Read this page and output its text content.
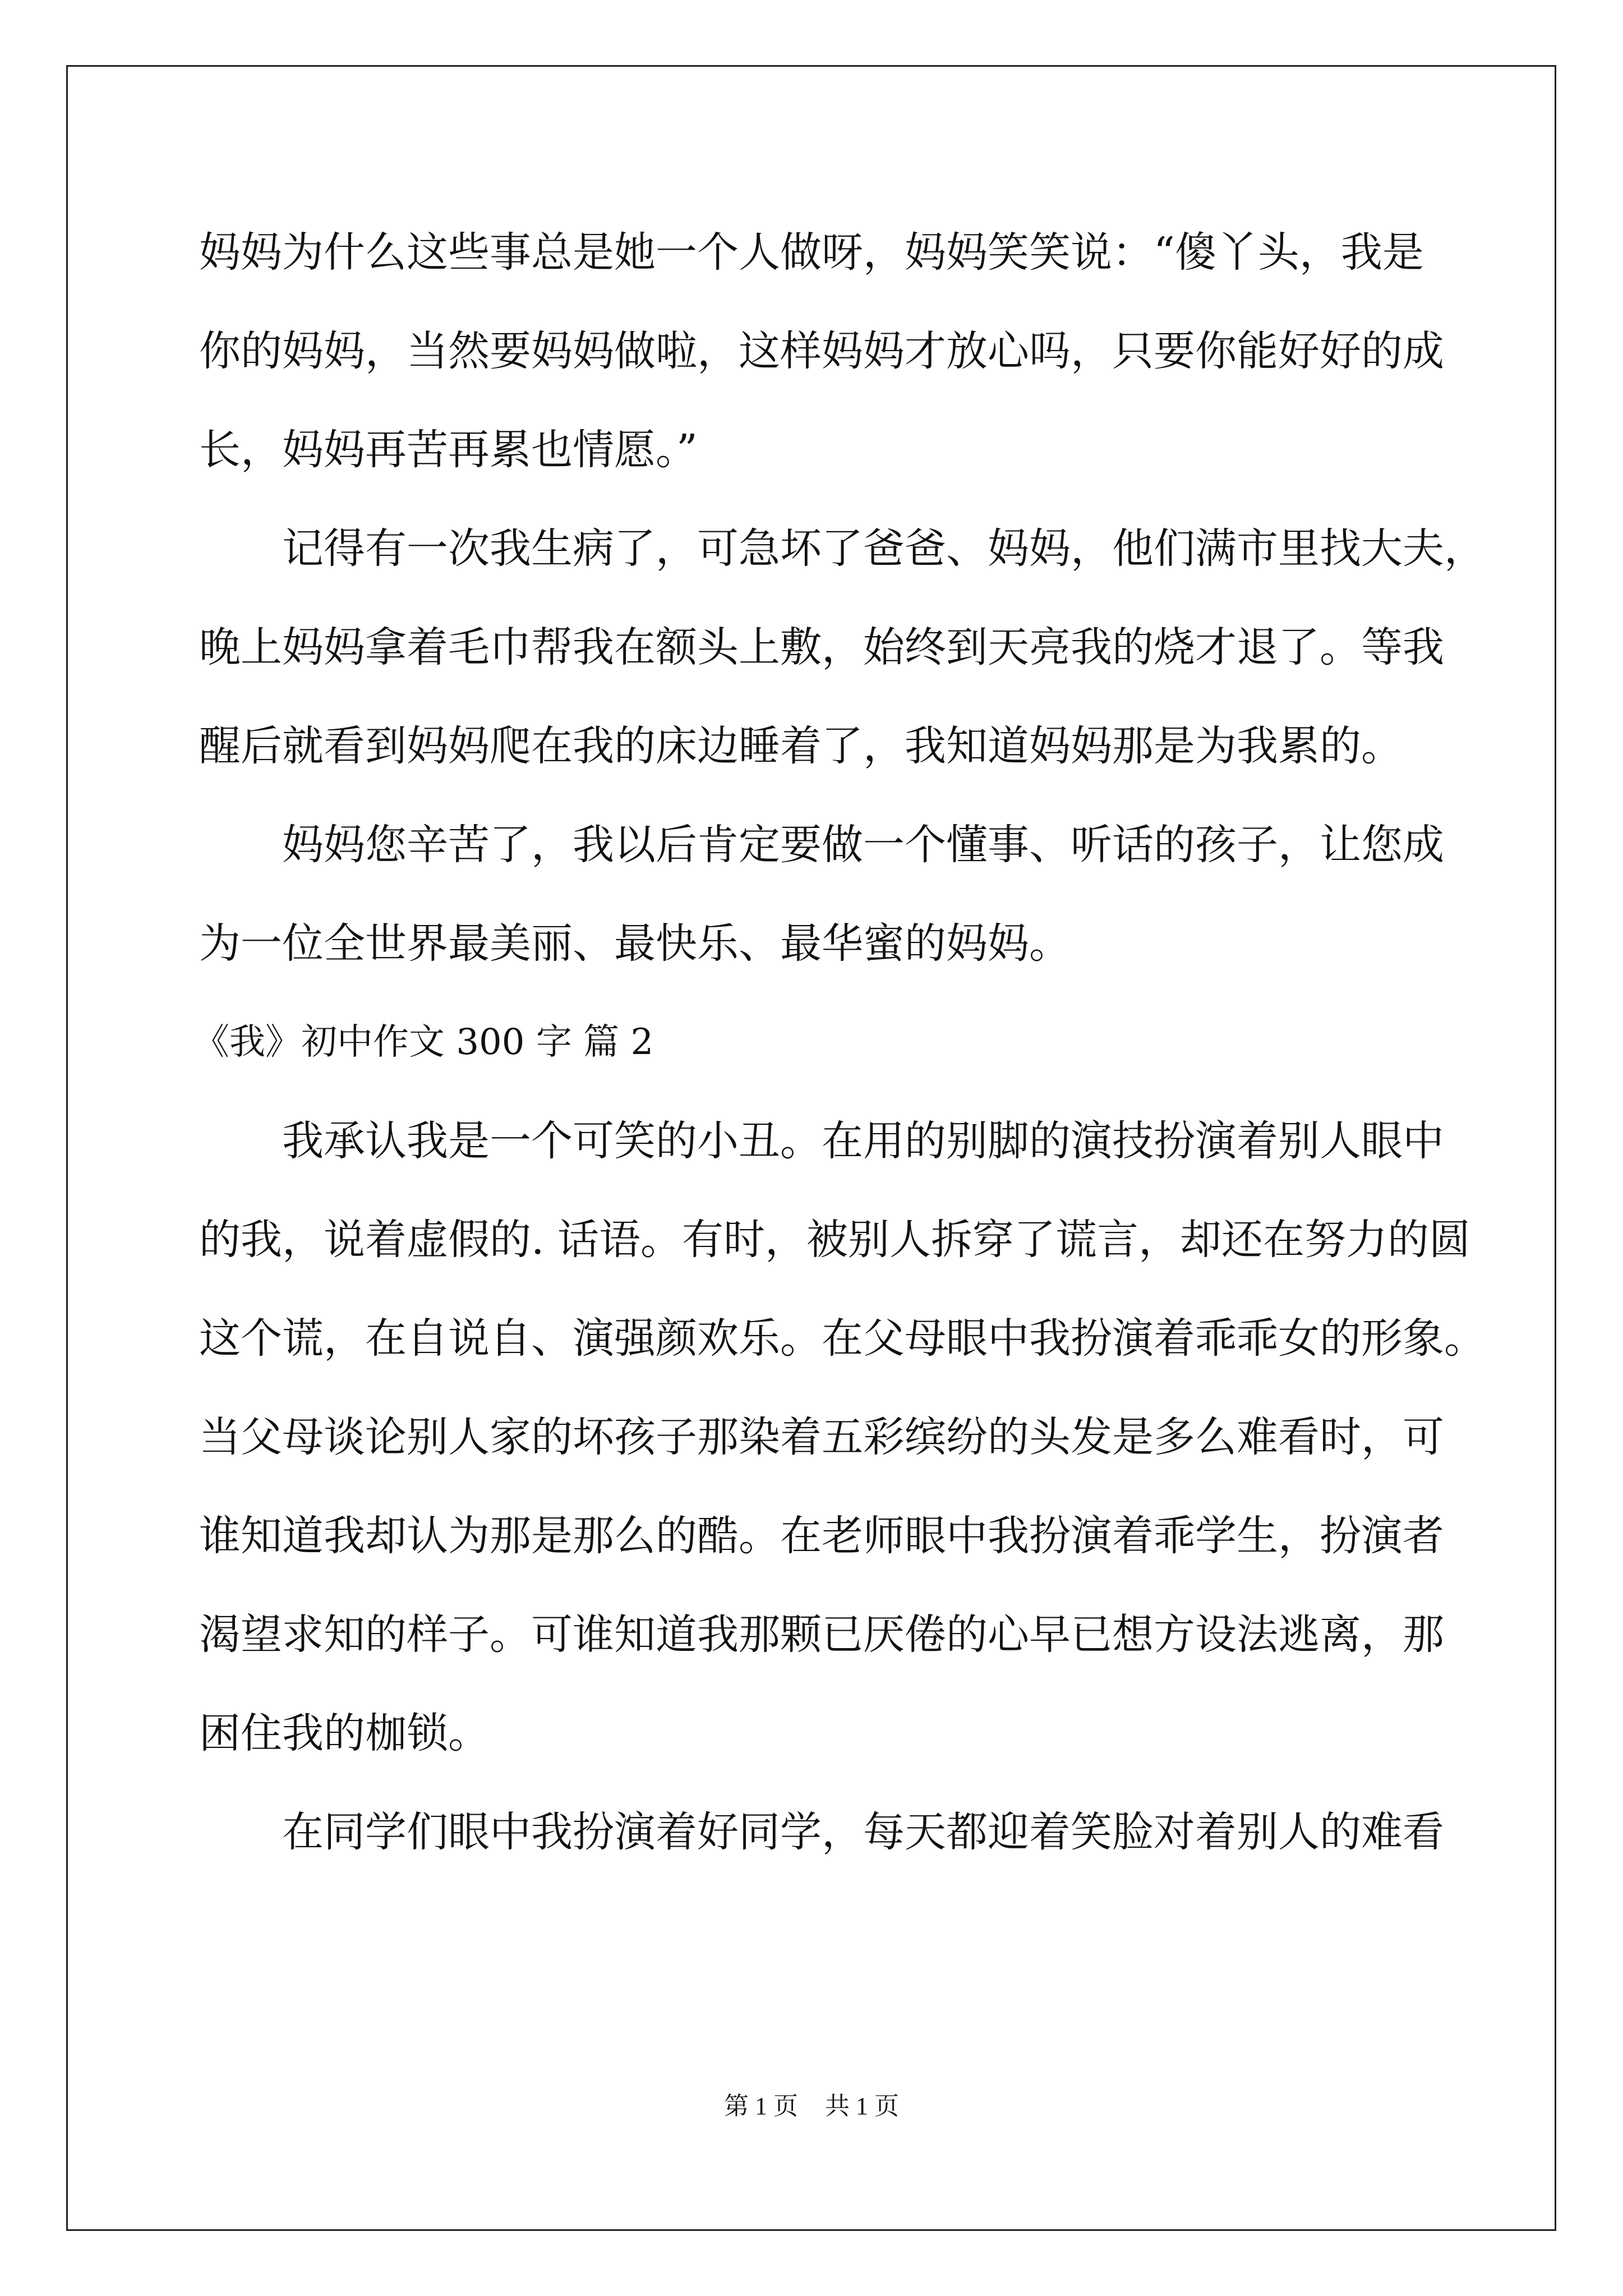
妈妈为什么这些事总是她一个人做呀，妈妈笑笑说：“傻丫头，我是
你的妈妈，当然要妈妈做啦，这样妈妈才放心吗，只要你能好好的成
长，妈妈再苦再累也情愿。”
记得有一次我生病了，可急坏了爸爸、妈妈，他们满市里找大夫，
晚上妈妈拿着毛巾帮我在额头上敷，始终到天亮我的烧才退了。等我
醒后就看到妈妈爬在我的床边睡着了，我知道妈妈那是为我累的。
妈妈您辛苦了，我以后肯定要做一个懂事、听话的孩子，让您成
为一位全世界最美丽、最快乐、最华蜜的妈妈。
《我》初中作文 300 字 篇 2
我承认我是一个可笑的小丑。在用的别脚的演技扮演着别人眼中
的我，说着虚假的. 话语。有时，被别人拆穿了谎言，却还在努力的圆
这个谎，在自说自、演强颜欢乐。在父母眼中我扮演着乖乖女的形象。
当父母谈论别人家的坏孩子那染着五彩缤纷的头发是多么难看时，可
谁知道我却认为那是那么的酷。在老师眼中我扮演着乖学生，扮演者
渴望求知的样子。可谁知道我那颗已厌倦的心早已想方设法逃离，那
困住我的枷锁。
在同学们眼中我扮演着好同学，每天都迎着笑脸对着别人的难看
第 1 页 共 1 页
